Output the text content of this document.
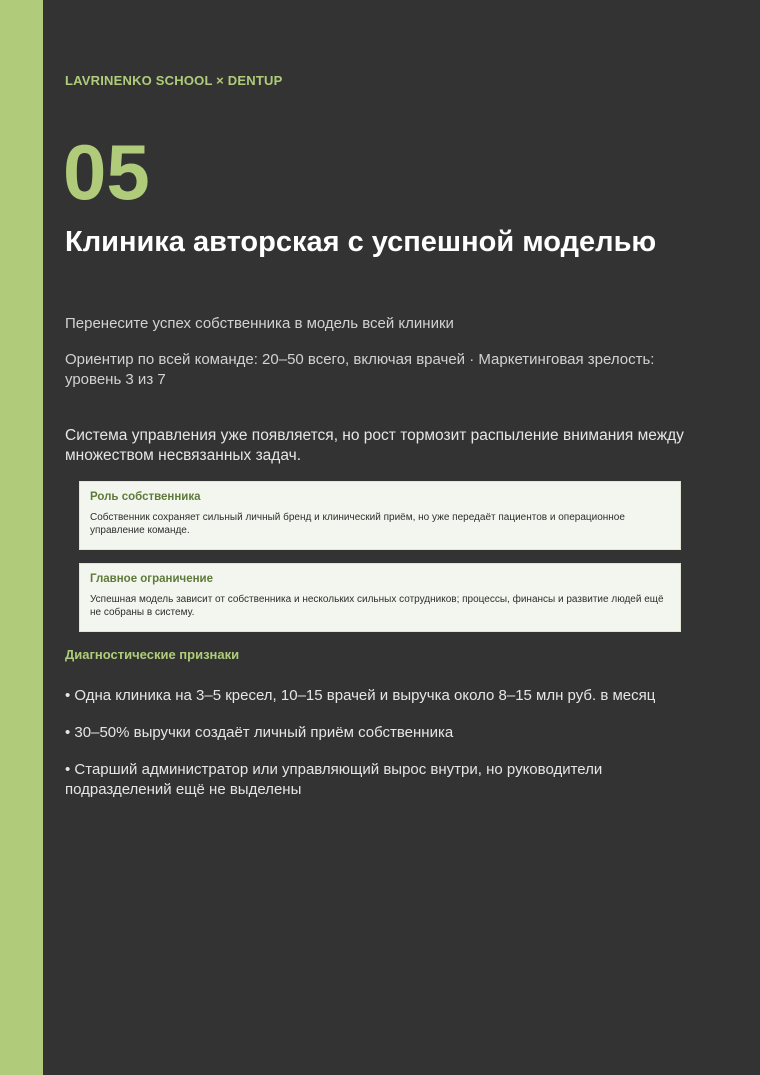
LAVRINENKO SCHOOL × DENTUP
05
Клиника авторская с успешной моделью

Перенесите успех собственника в модель всей клиники

Ориентир по всей команде: 20–50 всего, включая врачей · Маркетинговая зрелость: уровень 3 из 7

Система управления уже появляется, но рост тормозит распыление внимания между множеством несвязанных задач.

Роль собственника
Собственник сохраняет сильный личный бренд и клинический приём, но уже передаёт пациентов и операционное управление команде.
Главное ограничение
Успешная модель зависит от собственника и нескольких сильных сотрудников; процессы, финансы и развитие людей ещё не собраны в систему.
Диагностические признаки
• Одна клиника на 3–5 кресел, 10–15 врачей и выручка около 8–15 млн руб. в месяц
• 30–50% выручки создаёт личный приём собственника
• Старший администратор или управляющий вырос внутри, но руководители подразделений ещё не выделены
